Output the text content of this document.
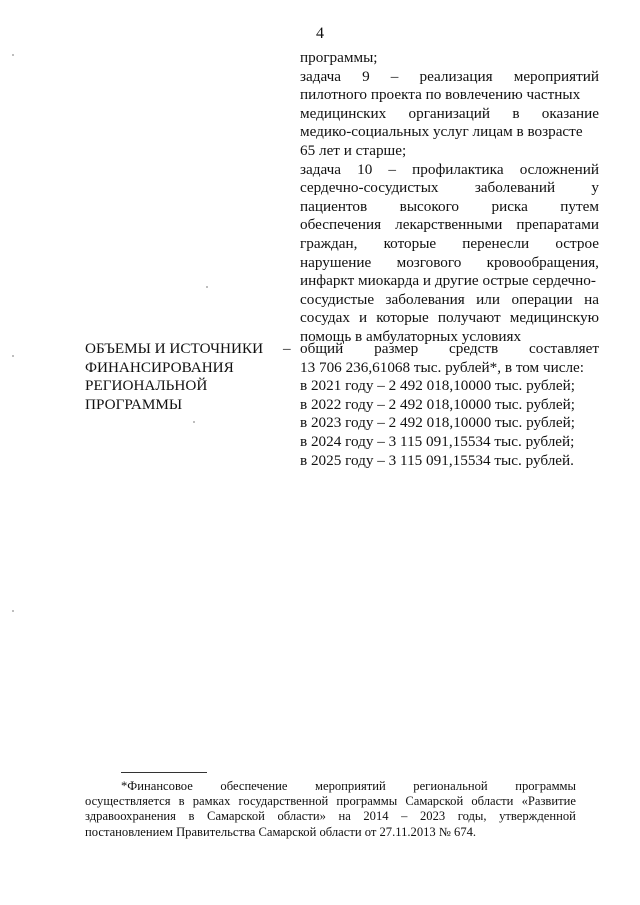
4
программы;
задача 9 – реализация мероприятий
пилотного проекта по вовлечению частных
медицинских организаций в оказание
медико-социальных услуг лицам в возрасте
65 лет и старше;
задача 10 – профилактика осложнений
сердечно-сосудистых заболеваний у
пациентов высокого риска путем
обеспечения лекарственными препаратами
граждан, которые перенесли острое
нарушение мозгового кровообращения,
инфаркт миокарда и другие острые сердечно-
сосудистые заболевания или операции на
сосудах и которые получают медицинскую
помощь в амбулаторных условиях
ОБЪЕМЫ И ИСТОЧНИКИ
ФИНАНСИРОВАНИЯ
РЕГИОНАЛЬНОЙ
ПРОГРАММЫ
– общий размер средств составляет
13 706 236,61068 тыс. рублей*, в том числе:
в 2021 году – 2 492 018,10000 тыс. рублей;
в 2022 году – 2 492 018,10000 тыс. рублей;
в 2023 году – 2 492 018,10000 тыс. рублей;
в 2024 году – 3 115 091,15534 тыс. рублей;
в 2025 году – 3 115 091,15534 тыс. рублей.
*Финансовое обеспечение мероприятий региональной программы
осуществляется в рамках государственной программы Самарской области «Развитие
здравоохранения в Самарской области» на 2014 – 2023 годы, утвержденной
постановлением Правительства Самарской области от 27.11.2013 № 674.
